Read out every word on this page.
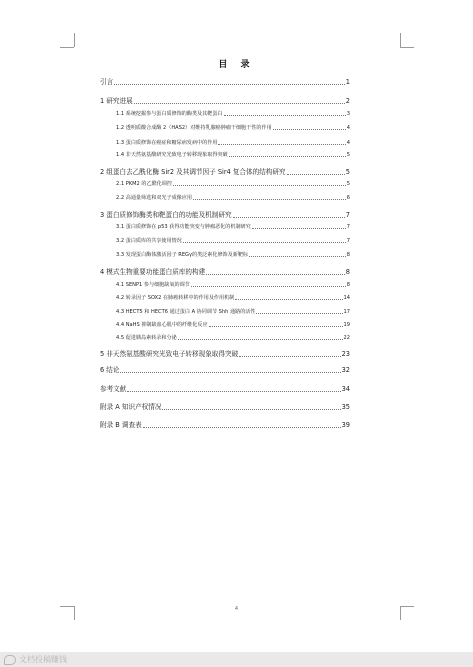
目 录
引言	1
1 研究进展	2
1.1 系统挖掘参与蛋白质修饰的酶类及其靶蛋白	3
1.2 透明质酸合成酶 2（HAS2）对维持乳腺癌肿瘤干细胞干性的作用	4
1.3 蛋白质修饰在癌症和糖尿病发病中的作用	4
1.4 非天然氨基酸研究光致电子转移现象取得突破	5
2 组蛋白去乙酰化酶 Sir2 及其调节因子 Sir4 复合体的结构研究	5
2.1 PKM2 的乙酰化调控	5
2.2 高通量筛选和双光子成像应用	6
3 蛋白质修饰酶类和靶蛋白的功能及机制研究	7
3.1 蛋白质修饰在 p53 获得功能突变与肿瘤恶化的机制研究	7
3.2 蛋白质库的共享使用情况	7
3.3 发现蛋白酶体激活因子 REGγ的类泛素化修饰及新靶标	8
4 模式生物重要功能蛋白质库的构建	8
4.1 SENP1 参与细胞缺氧的调节	8
4.2 转录因子 SOX2 在肺癌转移中的作用及作用机制	14
4.3 HECT5 和 HECT6 通过蛋白 A 协同调节 Shh 通路的活性	17
4.4 NaHS 抑制缺血心肌中的纤维化反应	19
4.5 促进胰岛素转录和分泌	22
5 非天然氨基酸研究光致电子转移现象取得突破	23
6 结论	32
参考文献	34
附录 A 知识产权情况	35
附录 B 调查表	39
4
文档投稿赚钱
